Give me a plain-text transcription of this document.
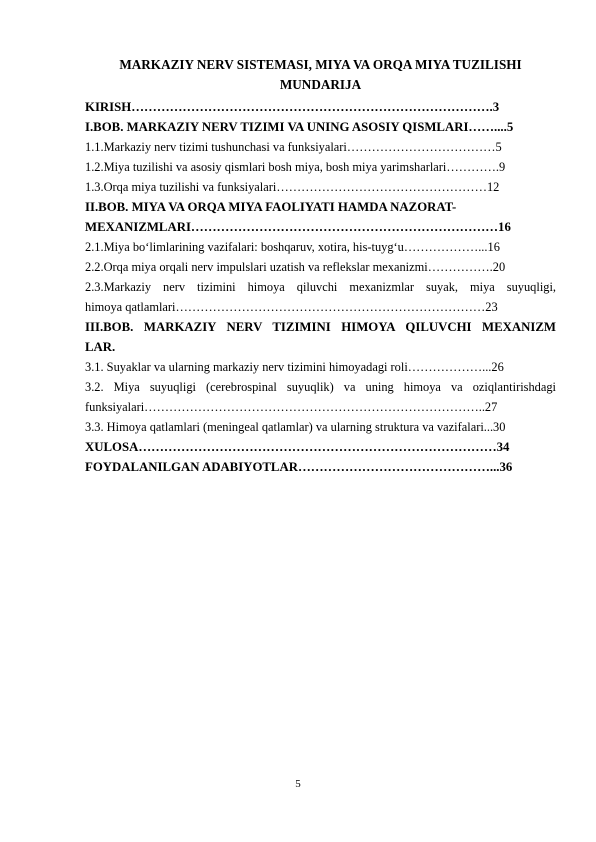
MARKAZIY NERV SISTEMASI, MIYA VA ORQA MIYA TUZILISHI

MUNDARIJA

KIRISH………………………………………………………………………….3

I.BOB. MARKAZIY NERV TIZIMI VA UNING ASOSIY QISMLARI……....5

1.1.Markaziy nerv tizimi tushunchasi va funksiyalari………………………………5

1.2.Miya tuzilishi va asosiy qismlari bosh miya, bosh miya yarimsharlari………….9

1.3.Orqa miya tuzilishi va funksiyalari……………………………………………12

II.BOB. MIYA VA ORQA MIYA FAOLIYATI HAMDA NAZORAT-

MEXANIZMLARI………………………………………………………………16

2.1.Miya bo‘limlarining vazifalari: boshqaruv, xotira, his-tuyg‘u………………...16

2.2.Orqa miya orqali nerv impulslari uzatish va reflekslar mexanizmi…………….20

2.3.Markaziy nerv tizimini himoya qiluvchi mexanizmlar suyak, miya suyuqligi,

himoya qatlamlari…………………………………………………………………23

III.BOB. MARKAZIY NERV TIZIMINI HIMOYA QILUVCHI MEXANIZM

LAR.

3.1. Suyaklar va ularning markaziy nerv tizimini himoyadagi roli………………...26

3.2. Miya suyuqligi (cerebrospinal suyuqlik) va uning himoya va oziqlantirishdagi

funksiyalari………………………………………………………………………..27

3.3. Himoya qatlamlari (meningeal qatlamlar) va ularning struktura va vazifalari...30

XULOSA…………………………………………………………………………34

FOYDALANILGAN ADABIYOTLAR………………………………………...36

5
